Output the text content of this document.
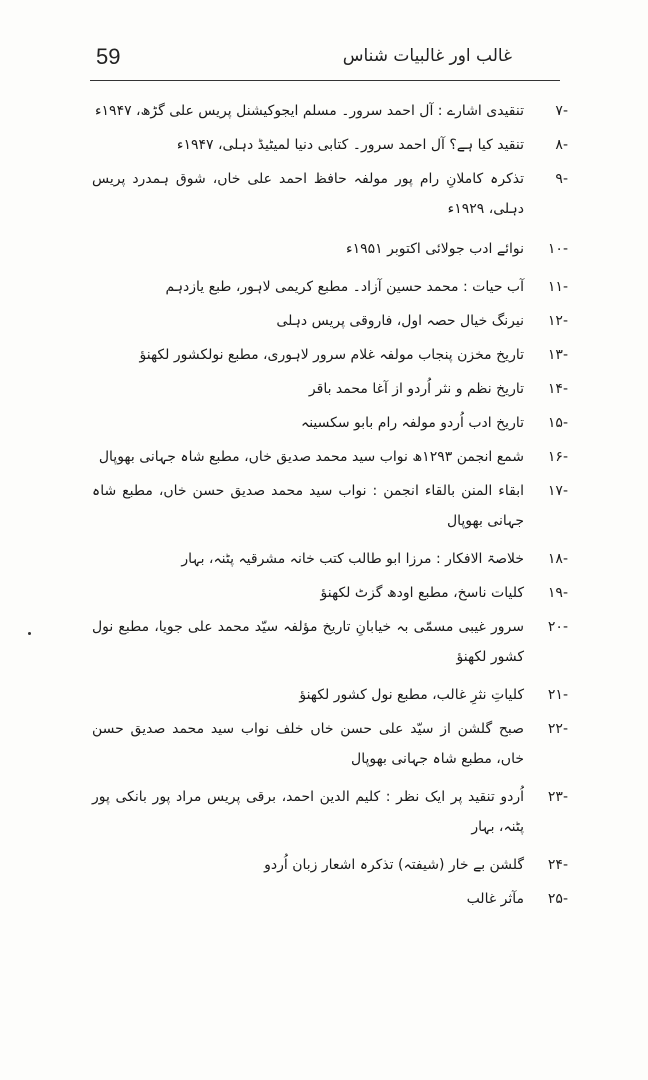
59	غالب اور غالبیات شناس
-۷
تنقیدی اشارے : آل احمد سرور۔ مسلم ایجوکیشنل پریس علی گڑھ، ۱۹۴۷ء
-۸
تنقید کیا ہے؟ آل احمد سرور۔ کتابی دنیا لمیٹیڈ دہلی، ۱۹۴۷ء
-۹
تذکرہ کاملانِ رام پور مولفہ حافظ احمد علی خاں، شوق ہمدرد پریس دہلی، ۱۹۲۹ء
-۱۰
نوائے ادب جولائی اکتوبر ۱۹۵۱ء
-۱۱
آب حیات : محمد حسین آزاد۔ مطبع کریمی لاہور، طبع یازدہم
-۱۲
نیرنگ خیال حصہ اول، فاروقی پریس دہلی
-۱۳
تاریخ مخزن پنجاب مولفہ غلام سرور لاہوری، مطبع نولکشور لکھنؤ
-۱۴
تاریخ نظم و نثر اُردو از آغا محمد باقر
-۱۵
تاریخ ادب اُردو مولفہ رام بابو سکسینہ
-۱۶
شمع انجمن ۱۲۹۳ھ نواب سید محمد صدیق خاں، مطبع شاہ جہانی بھوپال
-۱۷
ابقاء المنن بالقاء انجمن : نواب سید محمد صدیق حسن خاں، مطبع شاہ جہانی بھوپال
-۱۸
خلاصۃ الافکار : مرزا ابو طالب کتب خانہ مشرقیہ پٹنہ، بہار
-۱۹
کلیات ناسخ، مطبع اودھ گزٹ لکھنؤ
-۲۰
سرور غیبی مسمّی بہ خیابانِ تاریخ مؤلفہ سیّد محمد علی جویا، مطبع نول کشور لکھنؤ
-۲۱
کلیاتِ نثرِ غالب، مطبع نول کشور لکھنؤ
-۲۲
صبح گلشن از سیّد علی حسن خاں خلف نواب سید محمد صدیق حسن خاں، مطبع شاہ جہانی بھوپال
-۲۳
اُردو تنقید پر ایک نظر : کلیم الدین احمد، برقی پریس مراد پور بانکی پور پٹنہ، بہار
-۲۴
گلشن بے خار (شیفتہ) تذکرہ اشعار زبان اُردو
-۲۵
مآثر غالب
